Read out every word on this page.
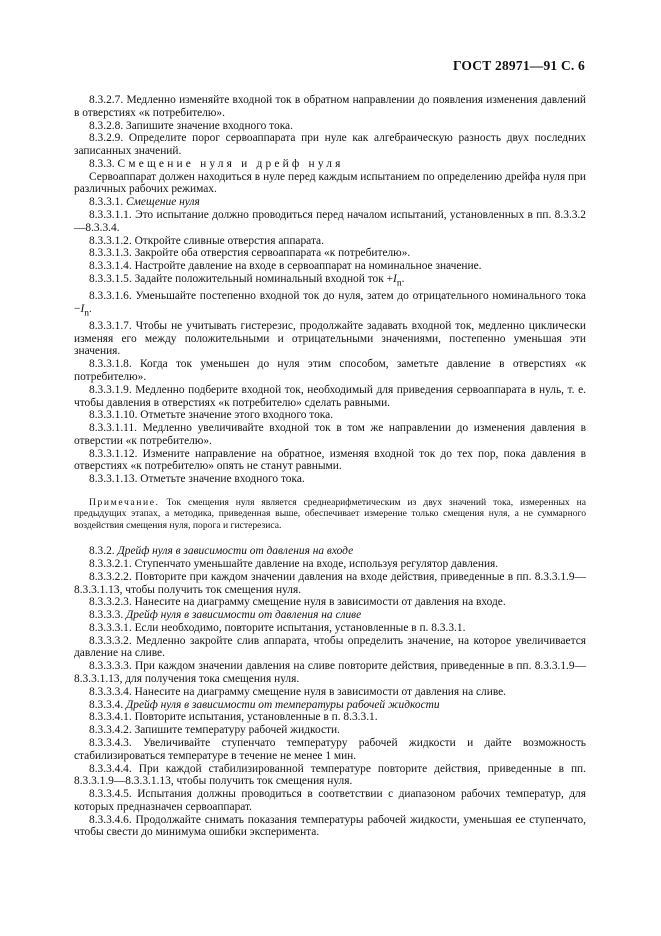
ГОСТ 28971—91 С. 6

8.3.2.7. Медленно изменяйте входной ток в обратном направлении до появления изменения давлений в отверстиях «к потребителю».

8.3.2.8. Запишите значение входного тока.

8.3.2.9. Определите порог сервоаппарата при нуле как алгебраическую разность двух последних записанных значений.

8.3.3. Смещение нуля и дрейф нуля

Сервоаппарат должен находиться в нуле перед каждым испытанием по определению дрейфа нуля при различных рабочих режимах.

8.3.3.1. Смещение нуля

8.3.3.1.1. Это испытание должно проводиться перед началом испытаний, установленных в пп. 8.3.3.2—8.3.3.4.

8.3.3.1.2. Откройте сливные отверстия аппарата.

8.3.3.1.3. Закройте оба отверстия сервоаппарата «к потребителю».

8.3.3.1.4. Настройте давление на входе в сервоаппарат на номинальное значение.

8.3.3.1.5. Задайте положительный номинальный входной ток $+I_n$.

8.3.3.1.6. Уменьшайте постепенно входной ток до нуля, затем до отрицательного номинального тока $-I_n$.

8.3.3.1.7. Чтобы не учитывать гистерезис, продолжайте задавать входной ток, медленно циклически изменяя его между положительными и отрицательными значениями, постепенно уменьшая эти значения.

8.3.3.1.8. Когда ток уменьшен до нуля этим способом, заметьте давление в отверстиях «к потребителю».

8.3.3.1.9. Медленно подберите входной ток, необходимый для приведения сервоаппарата в нуль, т. е. чтобы давления в отверстиях «к потребителю» сделать равными.

8.3.3.1.10. Отметьте значение этого входного тока.

8.3.3.1.11. Медленно увеличивайте входной ток в том же направлении до изменения давления в отверстии «к потребителю».

8.3.3.1.12. Измените направление на обратное, изменяя входной ток до тех пор, пока давления в отверстиях «к потребителю» опять не станут равными.

8.3.3.1.13. Отметьте значение входного тока.

Примечание. Ток смещения нуля является среднеарифметическим из двух значений тока, измеренных на предыдущих этапах, а методика, приведенная выше, обеспечивает измерение только смещения нуля, а не суммарного воздействия смещения нуля, порога и гистерезиса.

8.3.2. Дрейф нуля в зависимости от давления на входе

8.3.3.2.1. Ступенчато уменьшайте давление на входе, используя регулятор давления.

8.3.3.2.2. Повторите при каждом значении давления на входе действия, приведенные в пп. 8.3.3.1.9—8.3.3.1.13, чтобы получить ток смещения нуля.

8.3.3.2.3. Нанесите на диаграмму смещение нуля в зависимости от давления на входе.

8.3.3.3. Дрейф нуля в зависимости от давления на сливе

8.3.3.3.1. Если необходимо, повторите испытания, установленные в п. 8.3.3.1.

8.3.3.3.2. Медленно закройте слив аппарата, чтобы определить значение, на которое увеличивается давление на сливе.

8.3.3.3.3. При каждом значении давления на сливе повторите действия, приведенные в пп. 8.3.3.1.9—8.3.3.1.13, для получения тока смещения нуля.

8.3.3.3.4. Нанесите на диаграмму смещение нуля в зависимости от давления на сливе.

8.3.3.4. Дрейф нуля в зависимости от температуры рабочей жидкости

8.3.3.4.1. Повторите испытания, установленные в п. 8.3.3.1.

8.3.3.4.2. Запишите температуру рабочей жидкости.

8.3.3.4.3. Увеличивайте ступенчато температуру рабочей жидкости и дайте возможность стабилизироваться температуре в течение не менее 1 мин.

8.3.3.4.4. При каждой стабилизированной температуре повторите действия, приведенные в пп. 8.3.3.1.9—8.3.3.1.13, чтобы получить ток смещения нуля.

8.3.3.4.5. Испытания должны проводиться в соответствии с диапазоном рабочих температур, для которых предназначен сервоаппарат.

8.3.3.4.6. Продолжайте снимать показания температуры рабочей жидкости, уменьшая ее ступенчато, чтобы свести до минимума ошибки эксперимента.
